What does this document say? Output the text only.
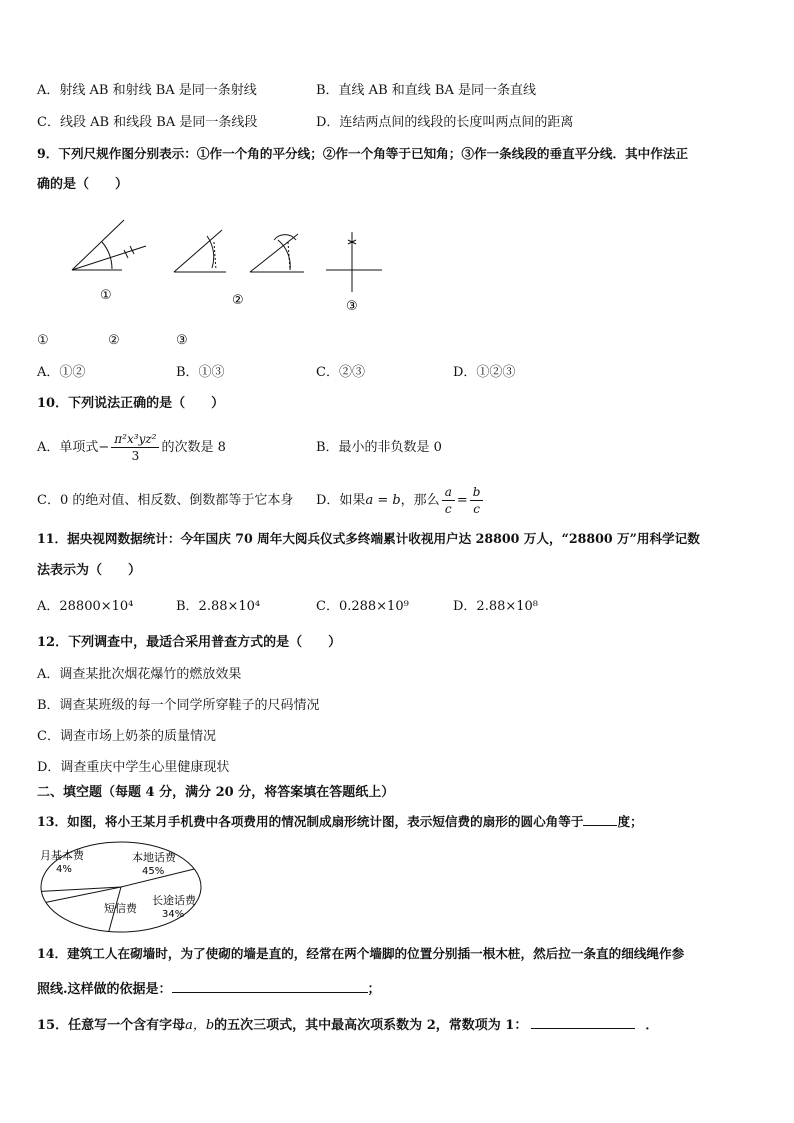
A．射线 AB 和射线 BA 是同一条射线	B．直线 AB 和直线 BA 是同一条直线
C．线段 AB 和线段 BA 是同一条线段	D．连结两点间的线段的长度叫两点间的距离
9．下列尺规作图分别表示：①作一个角的平分线；②作一个角等于已知角；③作一条线段的垂直平分线．其中作法正
确的是（　　）
①	②	③
①	②	③
A．①②	B．①③	C．②③	D．①②③
10．下列说法正确的是（　　）
A．单项式− $\frac{\text{π²x³yz²}}{3}$ 的次数是 8	B．最小的非负数是 0
C．0 的绝对值、相反数、倒数都等于它本身 D．如果a = b，那么 $\frac{a}{c} = \frac{b}{c}$
11．据央视网数据统计：今年国庆 70 周年大阅兵仪式多终端累计收视用户达 28800 万人，“28800 万”用科学记数
法表示为（　　）
A．28800×10⁴	B．2.88×10⁴	C．0.288×10⁹	D．2.88×10⁸
12．下列调查中，最适合采用普查方式的是（　　）
A．调查某批次烟花爆竹的燃放效果
B．调查某班级的每一个同学所穿鞋子的尺码情况
C．调查市场上奶茶的质量情况
D．调查重庆中学生心里健康现状
二、填空题（每题 4 分，满分 20 分，将答案填在答题纸上）
13．如图，将小王某月手机费中各项费用的情况制成扇形统计图，表示短信费的扇形的圆心角等于	度；
月基本费
4%
本地话费
45%
长途话费
34%
短信费
14．建筑工人在砌墙时，为了使砌的墙是直的，经常在两个墙脚的位置分别插一根木桩，然后拉一条直的细线绳作参
照线.这样做的依据是：	；
15．任意写一个含有字母a，b的五次三项式，其中最高次项系数为 2，常数项为 1：	．
